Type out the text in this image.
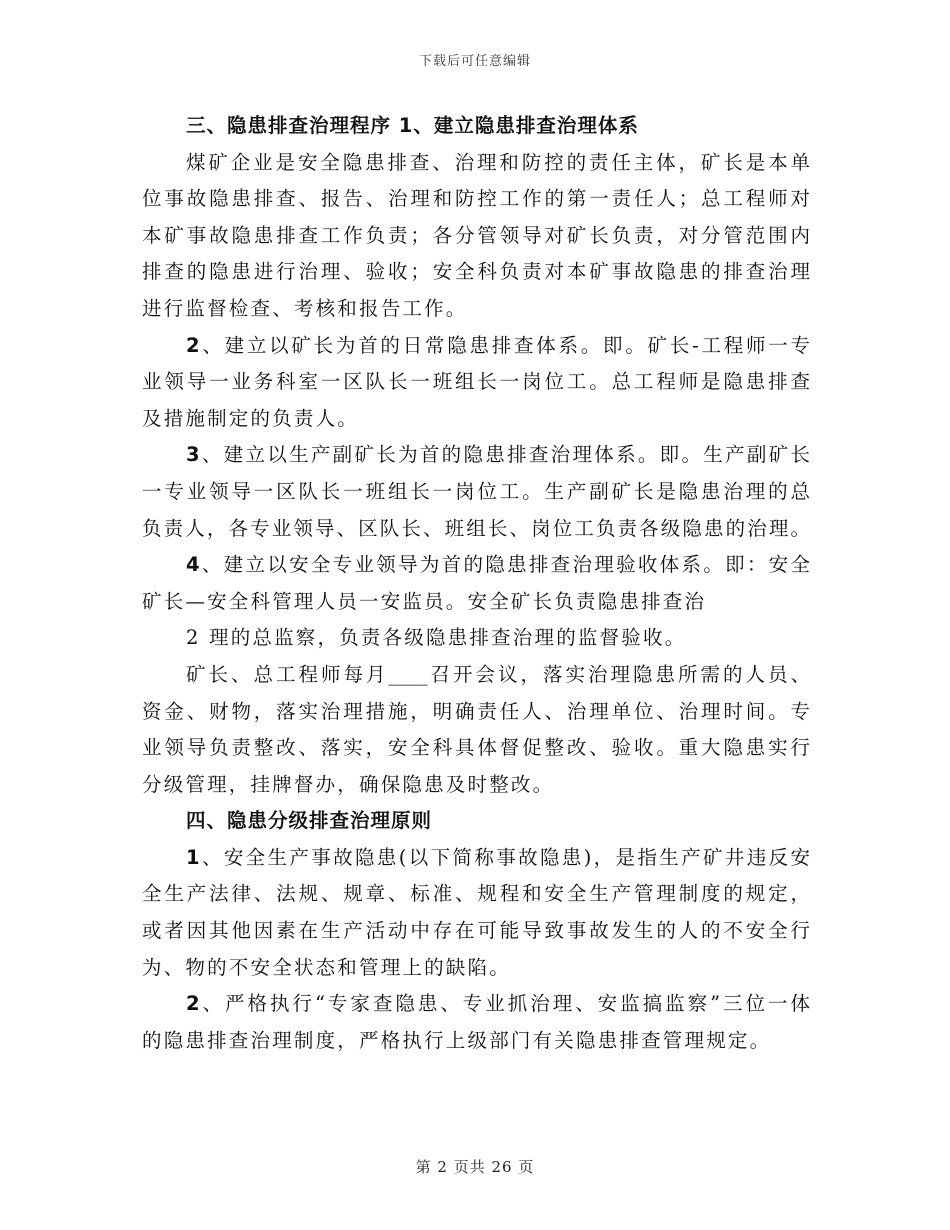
下载后可任意编辑
三、隐患排查治理程序 1、建立隐患排查治理体系
煤矿企业是安全隐患排查、治理和防控的责任主体，矿长是本单
位事故隐患排查、报告、治理和防控工作的第一责任人；总工程师对
本矿事故隐患排查工作负责；各分管领导对矿长负责，对分管范围内
排查的隐患进行治理、验收；安全科负责对本矿事故隐患的排查治理
进行监督检查、考核和报告工作。
2、建立以矿长为首的日常隐患排查体系。即。矿长-工程师一专
业领导一业务科室一区队长一班组长一岗位工。总工程师是隐患排查
及措施制定的负责人。
3、建立以生产副矿长为首的隐患排查治理体系。即。生产副矿长
一专业领导一区队长一班组长一岗位工。生产副矿长是隐患治理的总
负责人，各专业领导、区队长、班组长、岗位工负责各级隐患的治理。
4、建立以安全专业领导为首的隐患排查治理验收体系。即：安全
矿长—安全科管理人员一安监员。安全矿长负责隐患排查治
2 理的总监察，负责各级隐患排查治理的监督验收。
矿长、总工程师每月____召开会议，落实治理隐患所需的人员、
资金、财物，落实治理措施，明确责任人、治理单位、治理时间。专
业领导负责整改、落实，安全科具体督促整改、验收。重大隐患实行
分级管理，挂牌督办，确保隐患及时整改。
四、隐患分级排查治理原则
1、安全生产事故隐患(以下简称事故隐患)，是指生产矿井违反安
全生产法律、法规、规章、标准、规程和安全生产管理制度的规定，
或者因其他因素在生产活动中存在可能导致事故发生的人的不安全行
为、物的不安全状态和管理上的缺陷。
2、严格执行“专家查隐患、专业抓治理、安监搞监察”三位一体
的隐患排查治理制度，严格执行上级部门有关隐患排查管理规定。
第 2 页共 26 页
